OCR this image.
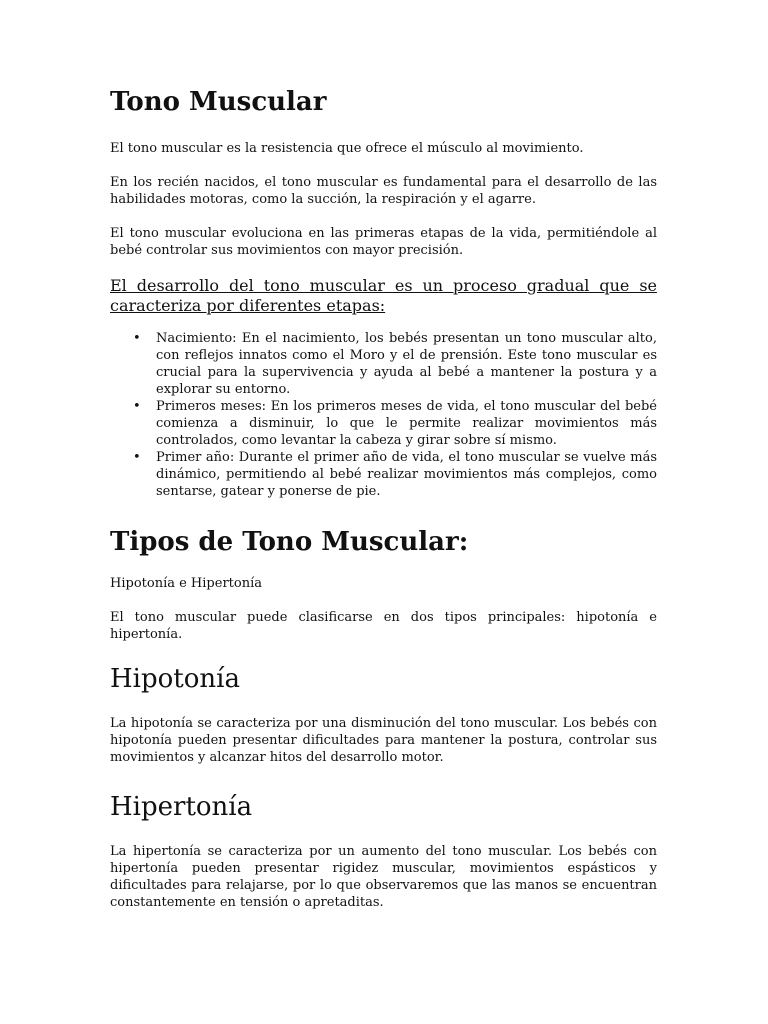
Tono Muscular

El tono muscular es la resistencia que ofrece el músculo al movimiento.

En los recién nacidos, el tono muscular es fundamental para el desarrollo de las habilidades motoras, como la succión, la respiración y el agarre.

El tono muscular evoluciona en las primeras etapas de la vida, permitiéndole al bebé controlar sus movimientos con mayor precisión.

El desarrollo del tono muscular es un proceso gradual que se caracteriza por diferentes etapas:
• Nacimiento: En el nacimiento, los bebés presentan un tono muscular alto, con reflejos innatos como el Moro y el de prensión. Este tono muscular es crucial para la supervivencia y ayuda al bebé a mantener la postura y a explorar su entorno.
• Primeros meses: En los primeros meses de vida, el tono muscular del bebé comienza a disminuir, lo que le permite realizar movimientos más controlados, como levantar la cabeza y girar sobre sí mismo.
• Primer año: Durante el primer año de vida, el tono muscular se vuelve más dinámico, permitiendo al bebé realizar movimientos más complejos, como sentarse, gatear y ponerse de pie.
Tipos de Tono Muscular:

Hipotonía e Hipertonía

El tono muscular puede clasificarse en dos tipos principales: hipotonía e hipertonía.

Hipotonía

La hipotonía se caracteriza por una disminución del tono muscular. Los bebés con hipotonía pueden presentar dificultades para mantener la postura, controlar sus movimientos y alcanzar hitos del desarrollo motor.

Hipertonía

La hipertonía se caracteriza por un aumento del tono muscular. Los bebés con hipertonía pueden presentar rigidez muscular, movimientos espásticos y dificultades para relajarse, por lo que observaremos que las manos se encuentran constantemente en tensión o apretaditas.
